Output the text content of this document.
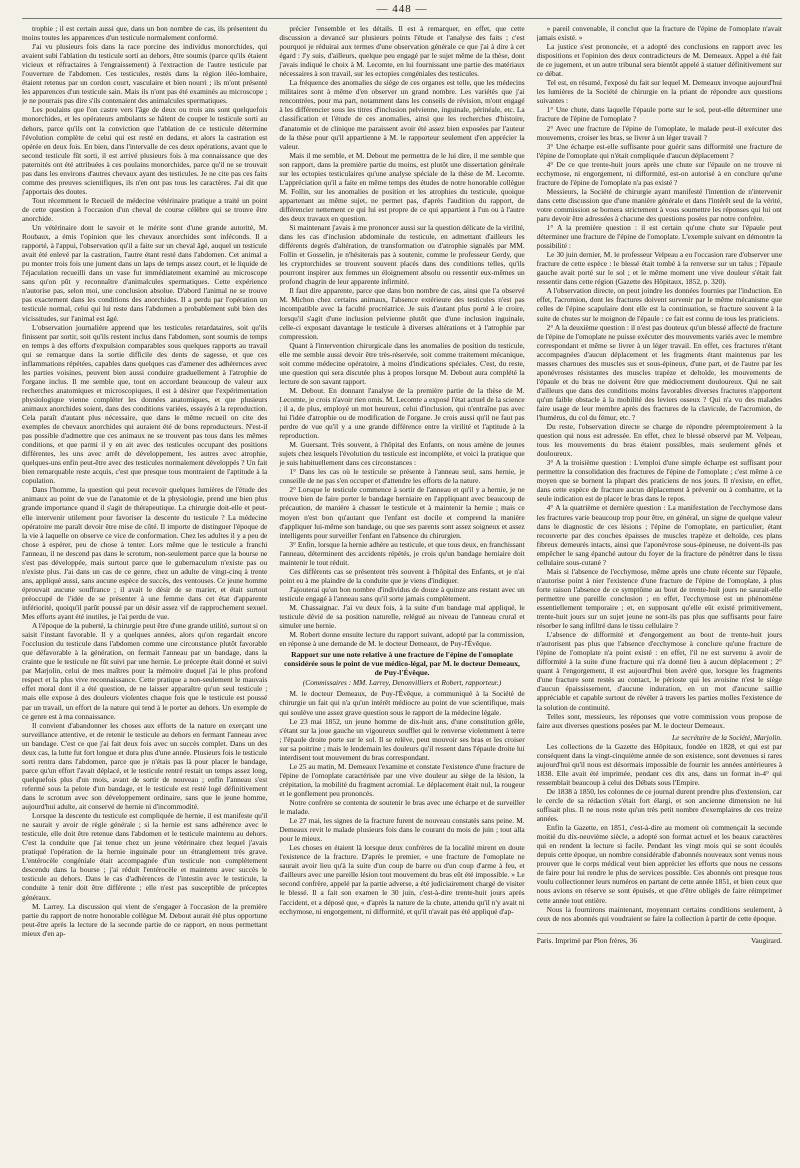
— 448 —

trophie ; il est certain aussi que, dans un bon nombre de cas, ils présentent du moins toutes les apparences d'un testicule normalement conformé.

J'ai vu plusieurs fois dans la race porcine des individus monorchides, qui avaient subi l'ablation du testicule sorti au dehors, être soumis (parce qu'ils étaient vicieux et réfractaires à l'engraissement) à l'extraction de l'autre testicule par l'ouverture de l'abdomen. Ces testicules, restés dans la région iléo-lombaire, étaient retenus par un cordon court, vasculaire et bien nourri ; ils m'ont présenté les apparences d'un testicule sain. Mais ils n'ont pas été examinés au microscope ; je ne pourrais pas dire s'ils contenaient des animalcules spermatiques.

Les poulains que l'on castre vers l'âge de deux ou trois ans sont quelquefois monorchides, et les opérateurs ambulants se hâtent de couper le testicule sorti au dehors, parce qu'ils ont la conviction que l'ablation de ce testicule détermine l'évolution complète de celui qui est resté en dedans, et alors la castration est opérée en deux fois. En bien, dans l'intervalle de ces deux opérations, avant que le second testicule fût sorti, il est arrivé plusieurs fois à ma connaissance que des paternités ont été attribuées à ces poulains monorchides, parce qu'il ne se trouvait pas dans les environs d'autres chevaux ayant des testicules. Je ne cite pas ces faits comme des preuves scientifiques, ils n'en ont pas tous les caractères. J'ai dit que j'apportais des doutes.

Tout récemment le Recueil de médecine vétérinaire pratique a traité un point de cette question à l'occasion d'un cheval de course célèbre qui se trouve être anorchide.

Un vétérinaire dont le savoir et le mérite sont d'une grande autorité, M. Roubaux, a émis l'opinion que les chevaux anorchides sont inféconds. Il a rapporté, à l'appui, l'observation qu'il a faite sur un cheval âgé, auquel un testicule avait été enlevé par la castration, l'autre étant resté dans l'abdomen. Cet animal a pu monter trois fois une jument dans un laps de temps assez court, et le liquide de l'éjaculation recueilli dans un vase fut immédiatement examiné au microscope sans qu'on pût y reconnaître d'animalcules spermatiques. Cette expérience n'autorise pas, selon moi, une conclusion absolue. D'abord l'animal ne se trouve pas exactement dans les conditions des anorchides. Il a perdu par l'opération un testicule normal, celui qui lui reste dans l'abdomen a probablement subi bien des vicissitudes, sur l'animal est âgé.

L'observation journalière apprend que les testicules retardataires, soit qu'ils finissent par sortir, soit qu'ils restent inclus dans l'abdomen, sont soumis de temps en temps à des efforts d'expulsion comparables sous quelques rapports au travail qui se remarque dans la sortie difficile des dents de sagesse, et que ces inflammations répétées, capables dans quelques cas d'amener des adhérences avec les parties voisines, peuvent bien aussi conduire graduellement à l'atrophie de l'organe inclus. Il me semble que, tout en accordant beaucoup de valeur aux recherches anatomiques et microscopiques, il est à désirer que l'expérimentation physiologique vienne compléter les données anatomiques, et que plusieurs animaux anorchides soient, dans des conditions variées, essayés à la reproduction. Cela paraît d'autant plus nécessaire, que dans le même recueil on cite des exemples de chevaux anorchides qui auraient été de bons reproducteurs. N'est-il pas possible d'admettre que ces animaux ne se trouvent pas tous dans les mêmes conditions, et que parmi il y en ait avec des testicules occupant des positions différentes, les uns avec arrêt de développement, les autres avec atrophie, quelques-uns enfin peut-être avec des testicules normalement développés ? Un fait bien remarquable reste acquis, c'est que presque tous montraient de l'aptitude à la copulation.

Dans l'homme, la question qui peut recevoir quelques lumières de l'étude des animaux au point de vue de l'anatomie et de la physiologie, prend une bien plus grande importance quand il s'agit de thérapeutique. La chirurgie doit-elle et peut-elle intervenir utilement pour favoriser la descente du testicule ? La médecine opératoire me paraît devoir être mise de côté. Il importe de distinguer l'époque de la vie à laquelle on observe ce vice de conformation. Chez les adultes il y a peu de chose à espérer, peu de chose à tenter. Lors même que le testicule a franchi l'anneau, il ne descend pas dans le scrotum, non-seulement parce que la bourse ne s'est pas développée, mais surtout parce que le gubernaculum n'existe pas ou n'existe plus. J'ai dans un cas de ce genre, chez un adulte de vingt-cinq à trente ans, appliqué aussi, sans aucune espèce de succès, des ventouses. Ce jeune homme éprouvait aucune souffrance ; il avait le désir de se marier, et était surtout préoccupé de l'idée de se présenter à une femme dans cet état d'apparente infériorité, quoiqu'il parût poussé par un désir assez vif de rapprochement sexuel. Mes efforts ayant été inutiles, je l'ai perdu de vue.

A l'époque de la puberté, la chirurgie peut être d'une grande utilité, surtout si on saisit l'instant favorable. Il y a quelques années, alors qu'on regardait encore l'occlusion du testicule dans l'abdomen comme une circonstance plutôt favorable que défavorable à la génération, on fermait l'anneau par un bandage, dans la crainte que le testicule ne fût suivi par une hernie. Le précepte était donné et suivi par Marjolin, celui de mes maîtres pour la mémoire duquel j'ai le plus profond respect et la plus vive reconnaissance. Cette pratique a non-seulement le mauvais effet moral dont il a été question, de ne laisser apparaître qu'un seul testicule ; mais elle expose à des douleurs violentes chaque fois que le testicule est poussé par un travail, un effort de la nature qui tend à le porter au dehors. Un exemple de ce genre est à ma connaissance.

Il convient d'abandonner les choses aux efforts de la nature en exerçant une surveillance attentive, et de retenir le testicule au dehors en fermant l'anneau avec un bandage. C'est ce que j'ai fait deux fois avec un succès complet. Dans un des deux cas, la lutte fut fort longue et dura plus d'une année. Plusieurs fois le testicule sorti rentra dans l'abdomen, parce que je n'étais pas là pour placer le bandage, parce qu'un effort l'avait déplacé, et le testicule rentré restait un temps assez long, quelquefois plus d'un mois, avant de sortir de nouveau ; enfin l'anneau s'est refermé sous la pelote d'un bandage, et le testicule est resté logé définitivement dans le scrotum avec son développement ordinaire, sans que le jeune homme, aujourd'hui adulte, ait conservé de hernie ni d'incommodité.

Lorsque la descente du testicule est compliquée de hernie, il est manifeste qu'il ne saurait y avoir de règle générale ; si la hernie est sans adhérence avec le testicule, elle doit être retenue dans l'abdomen et le testicule maintenu au dehors. C'est la conduite que j'ai tenue chez un jeune vétérinaire chez lequel j'avais pratiqué l'opération de la hernie inguinale pour un étranglement très grave. L'entérocèle congéniale était accompagnée d'un testicule non complètement descendu dans la bourse ; j'ai réduit l'entérocèle et maintenu avec succès le testicule au dehors. Dans le cas d'adhérences de l'intestin avec le testicule, la conduite à tenir doit être différente ; elle n'est pas susceptible de préceptes généraux.

M. Larrey. La discussion qui vient de s'engager à l'occasion de la première partie du rapport de notre honorable collègue M. Debout aurait été plus opportune peut-être après la lecture de la seconde partie de ce rapport, en nous permettant mieux d'en ap-

précier l'ensemble et les détails. Il est à remarquer, en effet, que cette discussion a devancé sur plusieurs points l'étude et l'analyse des faits ; c'est pourquoi je réduirai aux termes d'une observation générale ce que j'ai à dire à cet égard : J'y suis, d'ailleurs, quelque peu engagé par le sujet même de la thèse, dont j'avais indiqué le choix à M. Lecomte, en lui fournissant une partie des matériaux nécessaires à son travail, sur les ectopies congéniales des testicules.

La fréquence des anomalies du siège de ces organes est telle, que les médecins militaires sont à même d'en observer un grand nombre. Les variétés que j'ai rencontrées, pour ma part, notamment dans les conseils de révision, m'ont engagé à les différencier sous les titres d'inclusion pelvienne, inguinale, périnéale, etc. La classification et l'étude de ces anomalies, ainsi que les recherches d'histoire, d'anatomie et de clinique me paraissent avoir été assez bien exposées par l'auteur de la thèse pour qu'il appartienne à M. le rapporteur seulement d'en apprécier la valeur.

Mais il me semble, et M. Debout me permettra de le lui dire, il me semble que son rapport, dans la première partie du moins, est plutôt une dissertation générale sur les ectopies testiculaires qu'une analyse spéciale de la thèse de M. Lecomte. L'appréciation qu'il a faite en même temps des études de notre honorable collègue M. Follin, sur les anomalies de position et les atrophies du testicule, quoique appartenant au même sujet, ne permet pas, d'après l'audition du rapport, de différencier nettement ce qui lui est propre de ce qui appartient à l'un ou à l'autre des deux travaux en question.

Si maintenant j'avais à me prononcer aussi sur la question délicate de la virilité, dans les cas d'inclusion abdominale du testicule, en admettant d'ailleurs les différents degrés d'altération, de transformation ou d'atrophie signalés par MM. Follin et Gosselin, je n'hésiterais pas à soutenir, comme le professeur Gerdy, que les cryptorchides se trouvent souvent placés dans des conditions telles, qu'ils pourront inspirer aux femmes un éloignement absolu ou ressentir eux-mêmes un profond chagrin de leur apparente infirmité.

Il faut dire apparente, parce que dans bon nombre de cas, ainsi que l'a observé M. Michon chez certains animaux, l'absence extérieure des testicules n'est pas incompatible avec la faculté procréatrice. Je suis d'autant plus porté à le croire, lorsqu'il s'agit d'une inclusion pelvienne plutôt que d'une inclusion inguinale, celle-ci exposant davantage le testicule à diverses altérations et à l'atrophie par compression.

Quant à l'intervention chirurgicale dans les anomalies de position du testicule, elle me semble aussi devoir être très-réservée, soit comme traitement mécanique, soit comme médecine opératoire, à moins d'indications spéciales. C'est, du reste, une question qui sera discutée plus à propos lorsque M. Debout aura complété la lecture de son savant rapport.

M. Debout. En donnant l'analyse de la première partie de la thèse de M. Lecomte, je crois n'avoir rien omis. M. Lecomte a exposé l'état actuel de la science ; il a, de plus, employé un mot heureux, celui d'inclusion, qui n'entraîne pas avec lui l'idée d'atrophie ou de modification de l'organe. Je crois aussi qu'il ne faut pas perdre de vue qu'il y a une grande différence entre la virilité et l'aptitude à la reproduction.

M. Guersant. Très souvent, à l'hôpital des Enfants, on nous amène de jeunes sujets chez lesquels l'évolution du testicule est incomplète, et voici la pratique que je suis habituellement dans ces circonstances :

1° Dans les cas où le testicule se présente à l'anneau seul, sans hernie, je conseille de ne pas s'en occuper et d'attendre les efforts de la nature.

2° Lorsque le testicule commence à sortir de l'anneau et qu'il y a hernie, je ne trouve bien de faire porter le bandage herniaire en l'appliquant avec beaucoup de précaution, de manière à chasser le testicule et à maintenir la hernie ; mais ce moyen n'est bon qu'autant que l'enfant est docile et comprend la manière d'appliquer lui-même son bandage, ou que ses parents sont assez soigneux et assez intelligents pour surveiller l'enfant en l'absence du chirurgien.

3° Enfin, lorsque la hernie adhère au testicule, et que tous deux, en franchissant l'anneau, déterminent des accidents répétés, je crois qu'un bandage herniaire doit maintenir le tout réduit.

Ces différents cas se présentent très souvent à l'hôpital des Enfants, et je n'ai point eu à me plaindre de la conduite que je viens d'indiquer.

J'ajouterai qu'un bon nombre d'individus de douze à quinze ans restant avec un testicule engagé à l'anneau sans qu'il sorte jamais complètement.

M. Chassaignac. J'ai vu deux fois, à la suite d'un bandage mal appliqué, le testicule dévié de sa position naturelle, relégué au niveau de l'anneau crural et simuler une hernie.

M. Robert donne ensuite lecture du rapport suivant, adopté par la commission, en réponse à une demande de M. le docteur Demeaux, de Puy-l'Évêque.

Rapport sur une note relative à une fracture de l'épine de l'omoplate considérée sous le point de vue médico-légal, par M. le docteur Demeaux, de Puy-l'Évêque.

(Commissaires : MM. Larrey, Denonvilliers et Robert, rapporteur.)

M. le docteur Demeaux, de Puy-l'Évêque, a communiqué à la Société de chirurgie un fait qui n'a qu'un intérêt médiocre au point de vue scientifique, mais qui soulève une assez grave question sous le rapport de la médecine légale.

Le 23 mai 1852, un jeune homme de dix-huit ans, d'une constitution grêle, s'étant sur la joue gauche un vigoureux soufflet qui le renverse violemment à terre ; l'épaule droite porte sur le sol. Il se relève, peut mouvoir ses bras et les croiser sur sa poitrine ; mais le lendemain les douleurs qu'il ressent dans l'épaule droite lui interdisent tout mouvement du bras correspondant.

Le 25 au matin, M. Demeaux l'examine et constate l'existence d'une fracture de l'épine de l'omoplate caractérisée par une vive douleur au siège de la lésion, la crépitation, la mobilité du fragment acromial. Le déplacement était nul, la rougeur et le gonflement peu prononcés.

Notre confrère se contenta de soutenir le bras avec une écharpe et de surveiller le malade.

Le 27 mai, les signes de la fracture furent de nouveau constatés sans peine. M. Demeaux revit le malade plusieurs fois dans le courant du mois de juin ; tout alla pour le mieux.

Les choses en étaient là lorsque deux confrères de la localité mirent en doute l'existence de la fracture. D'après le premier, « une fracture de l'omoplate ne saurait avoir lieu qu'à la suite d'un coup de barre ou d'un coup d'arme à feu, et d'ailleurs avec une pareille lésion tout mouvement du bras eût été impossible. » Le second confrère, appelé par la partie adverse, a été judiciairement chargé de visiter le blessé. Il a fait son examen le 30 juin, c'est-à-dire trente-huit jours après l'accident, et a déposé que, « d'après la nature de la chute, attendu qu'il n'y avait ni ecchymose, ni engorgement, ni difformité, et qu'il n'avait pas été appliqué d'ap-

» pareil convenable, il conclut que la fracture de l'épine de l'omoplate n'avait jamais existé. »

La justice s'est prononcée, et a adopté des conclusions en rapport avec les dispositions et l'opinion des deux contradicteurs de M. Demeaux. Appel a été fait de ce jugement, et un autre tribunal sera bientôt appelé à statuer définitivement sur ce débat.

Tel est, en résumé, l'exposé du fait sur lequel M. Demeaux invoque aujourd'hui les lumières de la Société de chirurgie en la priant de répondre aux questions suivantes :

1° Une chute, dans laquelle l'épaule porte sur le sol, peut-elle déterminer une fracture de l'épine de l'omoplate ?

2° Avec une fracture de l'épine de l'omoplate, le malade peut-il exécuter des mouvements, croiser les bras, se livrer à un léger travail ?

3° Une écharpe est-elle suffisante pour guérir sans difformité une fracture de l'épine de l'omoplate qui n'était compliquée d'aucun déplacement ?

4° De ce que trente-huit jours après une chute sur l'épaule on ne trouve ni ecchymose, ni engorgement, ni difformité, est-on autorisé à en conclure qu'une fracture de l'épine de l'omoplate n'a pas existé ?

Messieurs, la Société de chirurgie ayant manifesté l'intention de n'intervenir dans cette discussion que d'une manière générale et dans l'intérêt seul de la vérité, votre commission se bornera strictement à vous soumettre les réponses qui lui ont paru devoir être adressées à chacune des questions posées par notre confrère.

1° A la première question : il est certain qu'une chute sur l'épaule peut déterminer une fracture de l'épine de l'omoplate. L'exemple suivant en démontre la possibilité :

Le 30 juin dernier, M. le professeur Velpeau a eu l'occasion rare d'observer une fracture de cette espèce : le blessé était tombé à la renverse sur un talus ; l'épaule gauche avait porté sur le sol ; et le même moment une vive douleur s'était fait ressentir dans cette région (Gazette des Hôpitaux, 1852, p. 320).

A l'observation directe, on peut joindre les données fournies par l'induction. En effet, l'acromion, dont les fractures doivent survenir par le même mécanisme que celles de l'épine scapulaire dont elle est la continuation, se fracture souvent à la suite de chutes sur le moignon de l'épaule : ce fait est connu de tous les praticiens.

2° A la deuxième question : il n'est pas douteux qu'un blessé affecté de fracture de l'épine de l'omoplate ne puisse exécuter des mouvements variés avec le membre correspondant et même se livrer à un léger travail. En effet, ces fractures n'étant accompagnées d'aucun déplacement et les fragments étant maintenus par les masses charnues des muscles sus et sous-épineux, d'une part, et de l'autre par les aponévroses résistantes des muscles trapèze et deltoïde, les mouvements de l'épaule et du bras ne doivent être que médiocrement douloureux. Qui ne sait d'ailleurs que dans des conditions moins favorables diverses fractures n'apportent qu'un faible obstacle à la mobilité des leviers osseux ? Qui n'a vu des malades faire usage de leur membre après des fractures de la clavicule, de l'acromion, de l'humérus, du col du fémur, etc. ?

Du reste, l'observation directe se charge de répondre péremptoirement à la question qui nous est adressée. En effet, chez le blessé observé par M. Velpeau, tous les mouvements du bras étaient possibles, mais seulement gênés et douloureux.

3° A la troisième question : L'emploi d'une simple écharpe est suffisant pour permettre la consolidation des fractures de l'épine de l'omoplate ; c'est même à ce moyen que se bornent la plupart des praticiens de nos jours. Il n'existe, en effet, dans cette espèce de fracture aucun déplacement à prévenir ou à combattre, et la seule indication est de placer le bras dans le repos.

4° A la quatrième et dernière question : La manifestation de l'ecchymose dans les fractures varie beaucoup trop pour être, en général, un signe de quelque valeur dans le diagnostic de ces lésions ; l'épine de l'omoplate, en particulier, étant recouverte par des couches épaisses de muscles trapèze et deltoïde, ces plans fibreux demeurés intacts, ainsi que l'aponévrose sous-épineuse, ne doivent-ils pas empêcher le sang épanché autour du foyer de la fracture de pénétrer dans le tissu cellulaire sous-cutané ?

Mais si l'absence de l'ecchymose, même après une chute récente sur l'épaule, n'autorise point à nier l'existence d'une fracture de l'épine de l'omoplate, à plus forte raison l'absence de ce symptôme au bout de trente-huit jours ne saurait-elle permettre une pareille conclusion ; en effet, l'ecchymose est un phénomène essentiellement temporaire ; et, en supposant qu'elle eût existé primitivement, trente-huit jours sur un sujet jeune ne sont-ils pas plus que suffisants pour faire résorber le sang infiltré dans le tissu cellulaire ?

L'absence de difformité et d'engorgement au bout de trente-huit jours n'autorisent pas plus que l'absence d'ecchymose à conclure qu'une fracture de l'épine de l'omoplate n'a point existé : en effet, l'il ne est survenu à avoir de difformité à la suite d'une fracture qui n'a donné lieu à aucun déplacement ; 2° quant à l'engorgement, il est aujourd'hui bien avéré que, lorsque les fragments d'une fracture sont restés au contact, le périoste qui les avoisine n'est le siège d'aucun épaississement, d'aucune induration, en un mot d'aucune saillie appréciable et capable surtout de révéler à travers les parties molles l'existence de la solution de continuité.

Telles sont, messieurs, les réponses que votre commission vous propose de faire aux diverses questions posées par M. le docteur Demeaux.

Le secrétaire de la Société, Marjolin.

Les collections de la Gazette des Hôpitaux, fondée en 1828, et qui est par conséquent dans la vingt-cinquième année de son existence, sont devenues si rares aujourd'hui qu'il nous est désormais impossible de fournir les années antérieures à 1838. Elle avait été imprimée, pendant ces dix ans, dans un format in-4° qui ressemblait beaucoup à celui des Débats sous l'Empire.

De 1838 à 1850, les colonnes de ce journal durent prendre plus d'extension, car le cercle de sa rédaction s'était fort élargi, et son ancienne dimension ne lui suffisait plus. Il ne nous reste qu'un très petit nombre d'exemplaires de ces treize années.

Enfin la Gazette, en 1851, c'est-à-dire au moment où commençait la seconde moitié du dix-neuvième siècle, a adopté son format actuel et les beaux caractères qui en rendent la lecture si facile. Pendant les vingt mois qui se sont écoulés depuis cette époque, un nombre considérable d'abonnés nouveaux sont venus nous prouver que le corps médical veut bien apprécier les efforts que nous ne cessons de faire pour lui rendre le plus de services possible. Ces abonnés ont presque tous voulu collectionner leurs numéros en partant de cette année 1851, et bien ceux que nous avions en réserve se sont épuisés, et que d'être obligés de faire réimprimer cette année tout entière.

Nous la fournirons maintenant, moyennant certains conditions seulement, à ceux de nos abonnés qui voudraient se faire la collection à partir de cette époque.

Paris. Imprimé par Plon frères, 36	Vaugirard.
